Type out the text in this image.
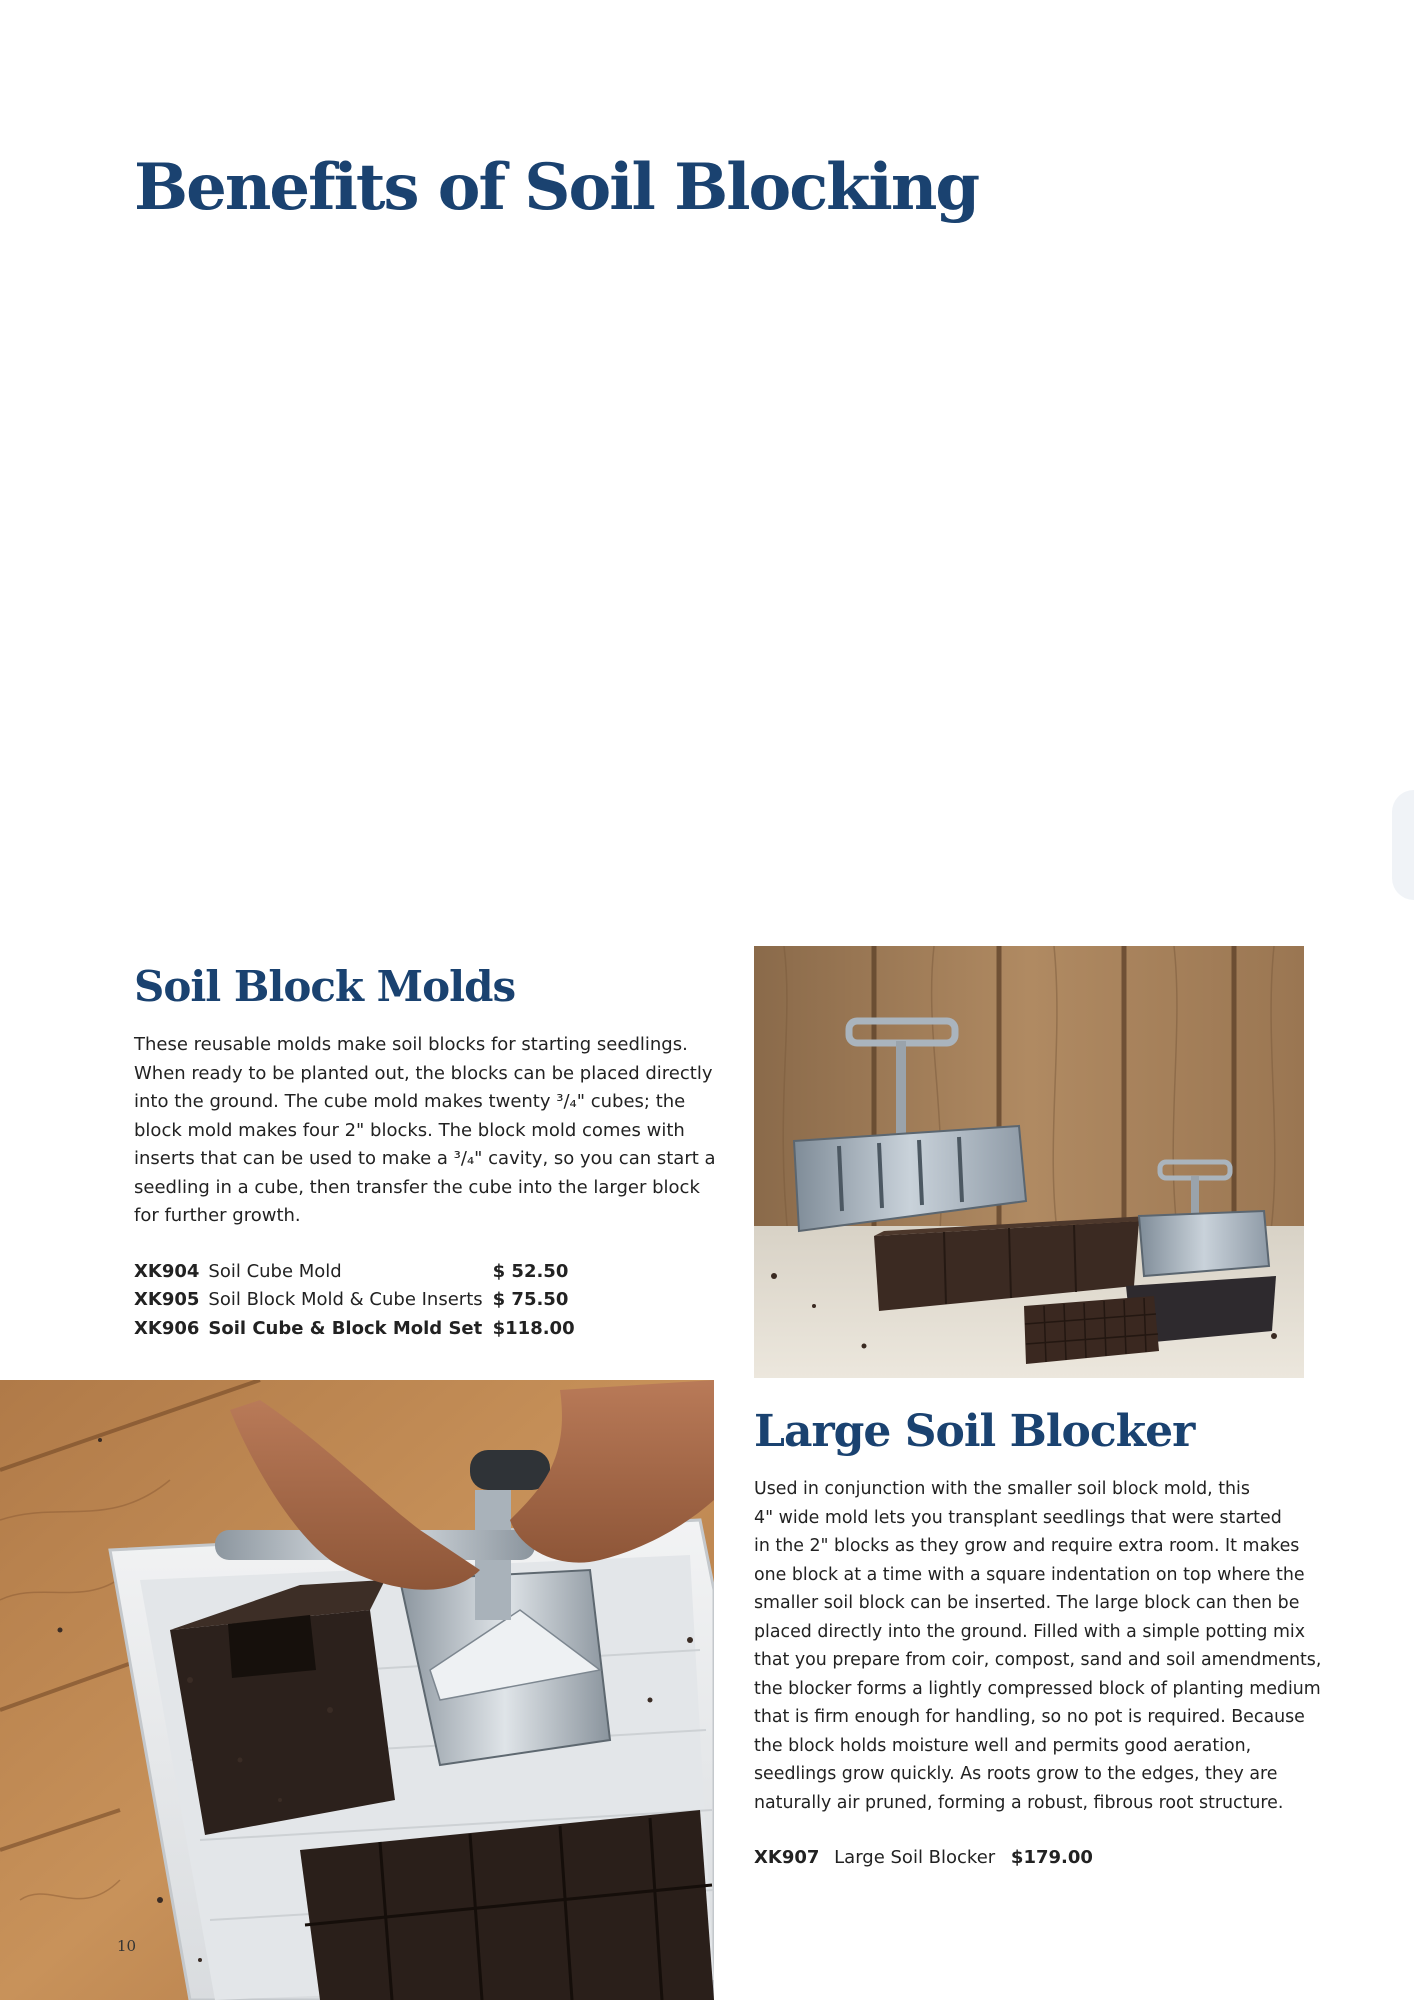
Benefits of Soil Blocking
Soil Block Molds

These reusable molds make soil blocks for starting seedlings.
When ready to be planted out, the blocks can be placed directly
into the ground. The cube mold makes twenty ³/₄" cubes; the
block mold makes four 2" blocks. The block mold comes with
inserts that can be used to make a ³/₄" cavity, so you can start a
seedling in a cube, then transfer the cube into the larger block
for further growth.

XK904	Soil Cube Mold	$ 52.50
XK905	Soil Block Mold & Cube Inserts	$ 75.50
XK906	Soil Cube & Block Mold Set	$118.00
Large Soil Blocker

Used in conjunction with the smaller soil block mold, this
4" wide mold lets you transplant seedlings that were started
in the 2" blocks as they grow and require extra room. It makes
one block at a time with a square indentation on top where the
smaller soil block can be inserted. The large block can then be
placed directly into the ground. Filled with a simple potting mix
that you prepare from coir, compost, sand and soil amendments,
the blocker forms a lightly compressed block of planting medium
that is firm enough for handling, so no pot is required. Because
the block holds moisture well and permits good aeration,
seedlings grow quickly. As roots grow to the edges, they are
naturally air pruned, forming a robust, fibrous root structure.

XK907 Large Soil Blocker $179.00
10
